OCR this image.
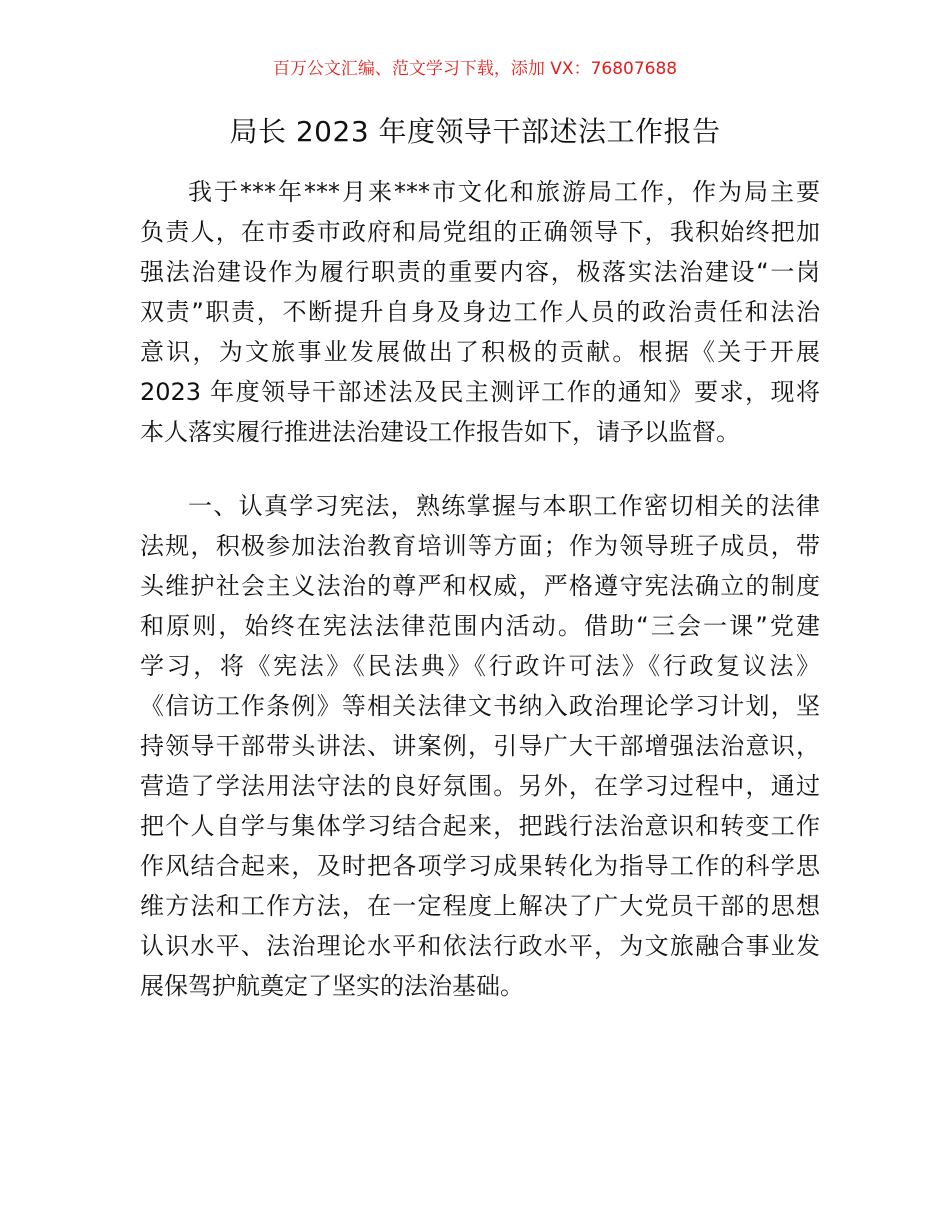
百万公文汇编、范文学习下载，添加 VX：76807688
局长 2023 年度领导干部述法工作报告
我于***年***月来***市文化和旅游局工作，作为局主要
负责人，在市委市政府和局党组的正确领导下，我积始终把加
强法治建设作为履行职责的重要内容，极落实法治建设“一岗
双责”职责，不断提升自身及身边工作人员的政治责任和法治
意识，为文旅事业发展做出了积极的贡献。根据《关于开展
2023 年度领导干部述法及民主测评工作的通知》要求，现将
本人落实履行推进法治建设工作报告如下，请予以监督。
一、认真学习宪法，熟练掌握与本职工作密切相关的法律
法规，积极参加法治教育培训等方面；作为领导班子成员，带
头维护社会主义法治的尊严和权威，严格遵守宪法确立的制度
和原则，始终在宪法法律范围内活动。借助“三会一课”党建
学习，将《宪法》《民法典》《行政许可法》《行政复议法》
《信访工作条例》等相关法律文书纳入政治理论学习计划，坚
持领导干部带头讲法、讲案例，引导广大干部增强法治意识，
营造了学法用法守法的良好氛围。另外，在学习过程中，通过
把个人自学与集体学习结合起来，把践行法治意识和转变工作
作风结合起来，及时把各项学习成果转化为指导工作的科学思
维方法和工作方法，在一定程度上解决了广大党员干部的思想
认识水平、法治理论水平和依法行政水平，为文旅融合事业发
展保驾护航奠定了坚实的法治基础。
